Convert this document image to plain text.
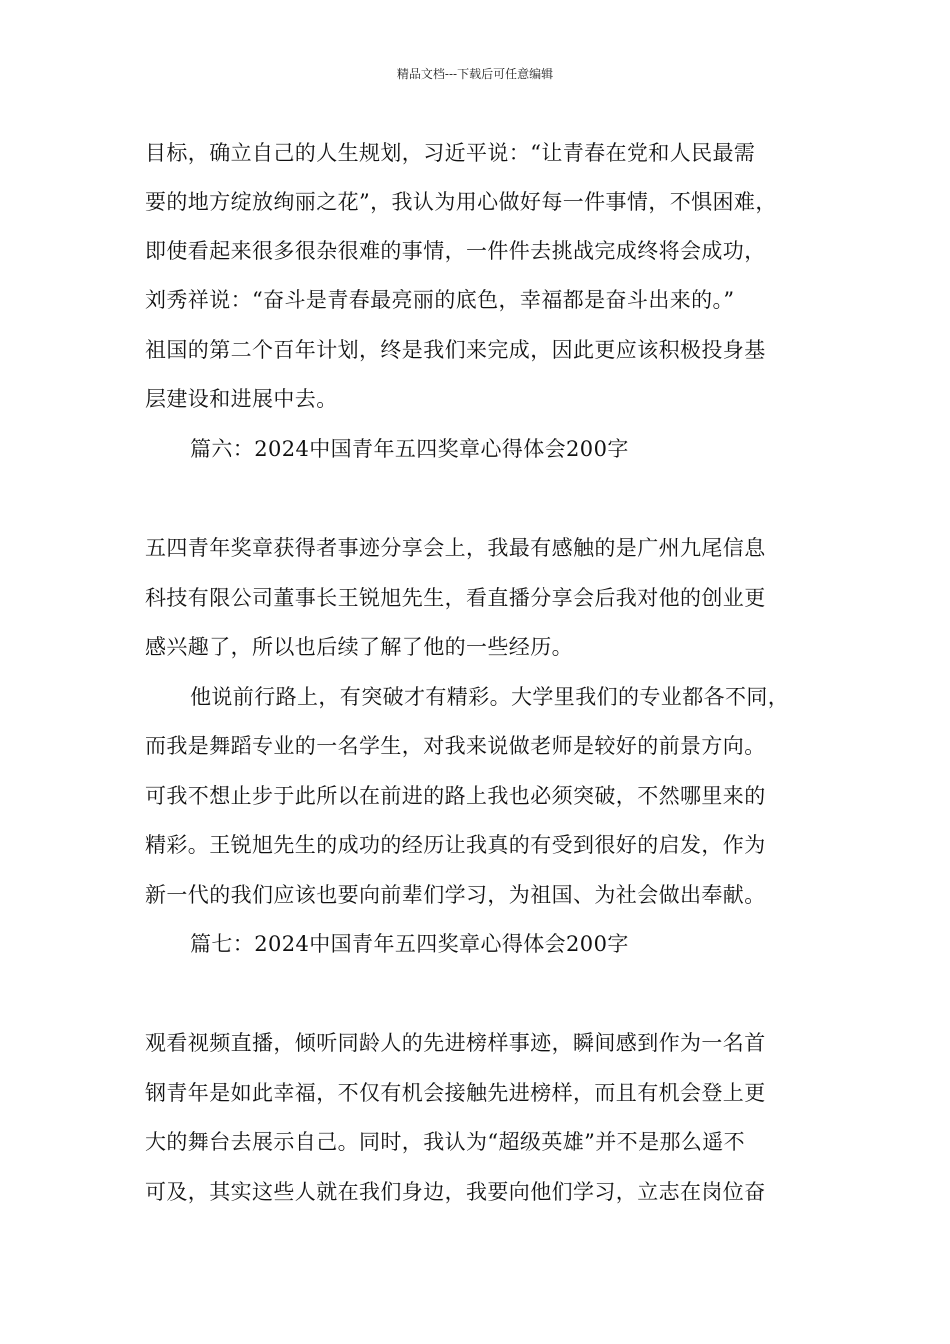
精品文档---下载后可任意编辑
目标，确立自己的人生规划，习近平说：“让青春在党和人民最需
要的地方绽放绚丽之花”，我认为用心做好每一件事情，不惧困难，
即使看起来很多很杂很难的事情，一件件去挑战完成终将会成功，
刘秀祥说：“奋斗是青春最亮丽的底色，幸福都是奋斗出来的。”
祖国的第二个百年计划，终是我们来完成，因此更应该积极投身基
层建设和进展中去。
篇六：2024中国青年五四奖章心得体会200字
五四青年奖章获得者事迹分享会上，我最有感触的是广州九尾信息
科技有限公司董事长王锐旭先生，看直播分享会后我对他的创业更
感兴趣了，所以也后续了解了他的一些经历。
他说前行路上，有突破才有精彩。大学里我们的专业都各不同，
而我是舞蹈专业的一名学生，对我来说做老师是较好的前景方向。
可我不想止步于此所以在前进的路上我也必须突破，不然哪里来的
精彩。王锐旭先生的成功的经历让我真的有受到很好的启发，作为
新一代的我们应该也要向前辈们学习，为祖国、为社会做出奉献。
篇七：2024中国青年五四奖章心得体会200字
观看视频直播，倾听同龄人的先进榜样事迹，瞬间感到作为一名首
钢青年是如此幸福，不仅有机会接触先进榜样，而且有机会登上更
大的舞台去展示自己。同时，我认为“超级英雄”并不是那么遥不
可及，其实这些人就在我们身边，我要向他们学习，立志在岗位奋
